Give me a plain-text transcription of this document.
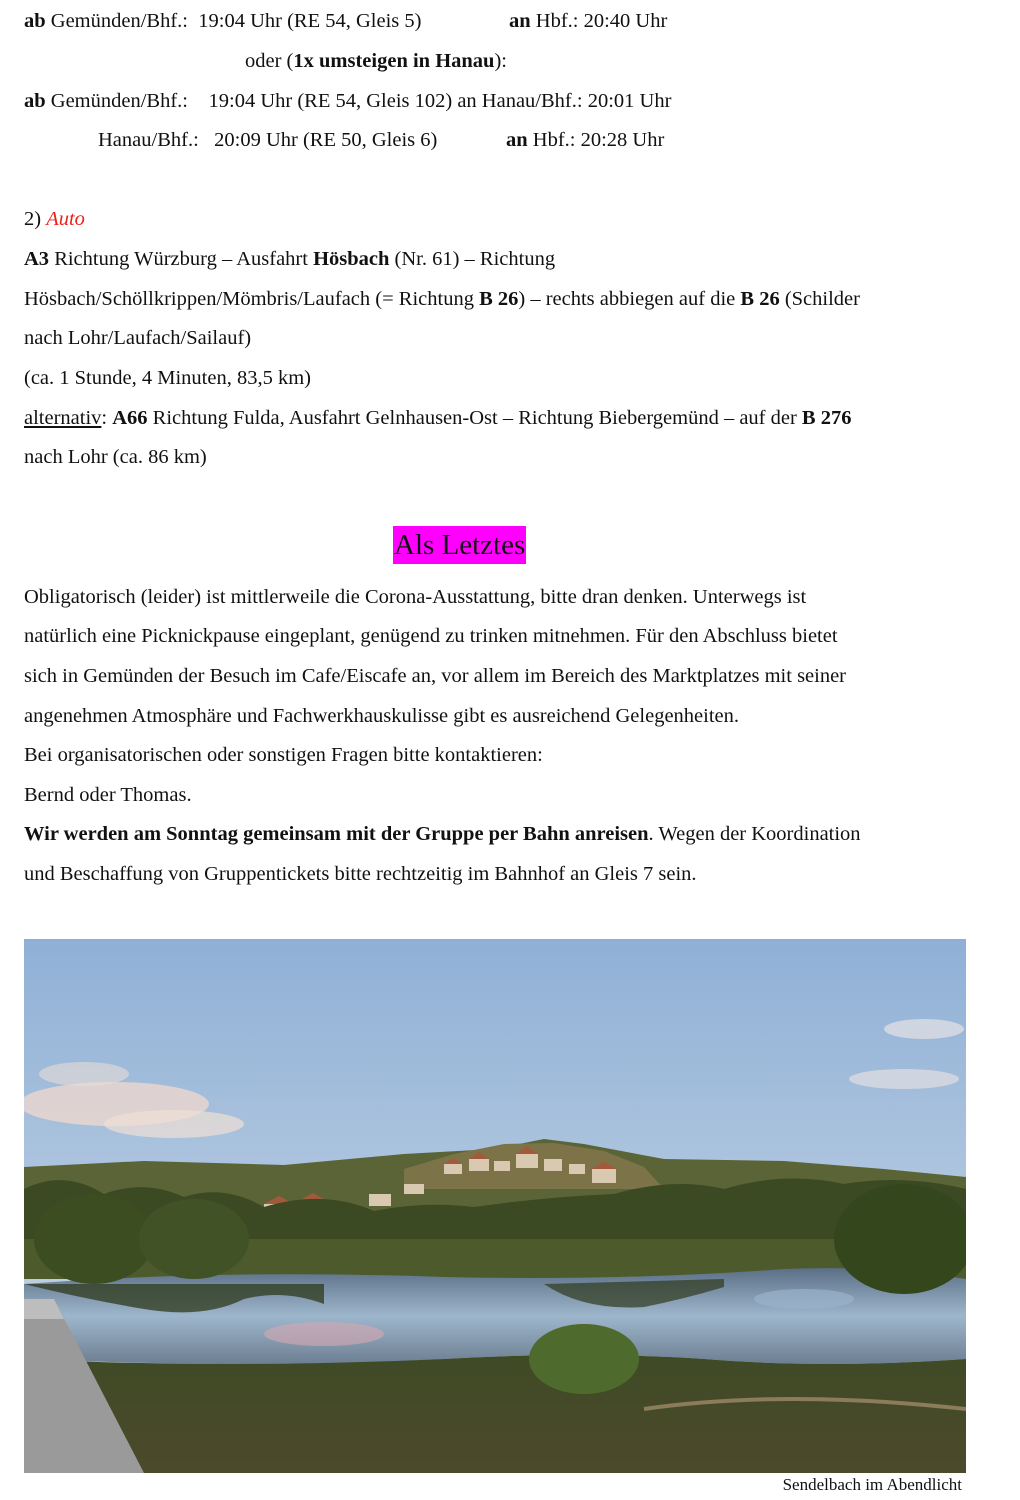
ab Gemünden/Bhf.: 19:04 Uhr (RE 54, Gleis 5)	an Hbf.: 20:40 Uhr
oder (1x umsteigen in Hanau):
ab Gemünden/Bhf.: 19:04 Uhr (RE 54, Gleis 102) an Hanau/Bhf.: 20:01 Uhr
Hanau/Bhf.: 20:09 Uhr (RE 50, Gleis 6)	an Hbf.: 20:28 Uhr
2) Auto
A3 Richtung Würzburg – Ausfahrt Hösbach (Nr. 61) – Richtung
Hösbach/Schöllkrippen/Mömbris/Laufach (= Richtung B 26) – rechts abbiegen auf die B 26 (Schilder
nach Lohr/Laufach/Sailauf)
(ca. 1 Stunde, 4 Minuten, 83,5 km)
alternativ: A66 Richtung Fulda, Ausfahrt Gelnhausen-Ost – Richtung Biebergemünd – auf der B 276
nach Lohr (ca. 86 km)
Als Letztes
Obligatorisch (leider) ist mittlerweile die Corona-Ausstattung, bitte dran denken. Unterwegs ist
natürlich eine Picknickpause eingeplant, genügend zu trinken mitnehmen. Für den Abschluss bietet
sich in Gemünden der Besuch im Cafe/Eiscafe an, vor allem im Bereich des Marktplatzes mit seiner
angenehmen Atmosphäre und Fachwerkhauskulisse gibt es ausreichend Gelegenheiten.
Bei organisatorischen oder sonstigen Fragen bitte kontaktieren:
Bernd oder Thomas.
Wir werden am Sonntag gemeinsam mit der Gruppe per Bahn anreisen. Wegen der Koordination
und Beschaffung von Gruppentickets bitte rechtzeitig im Bahnhof an Gleis 7 sein.
Sendelbach im Abendlicht
